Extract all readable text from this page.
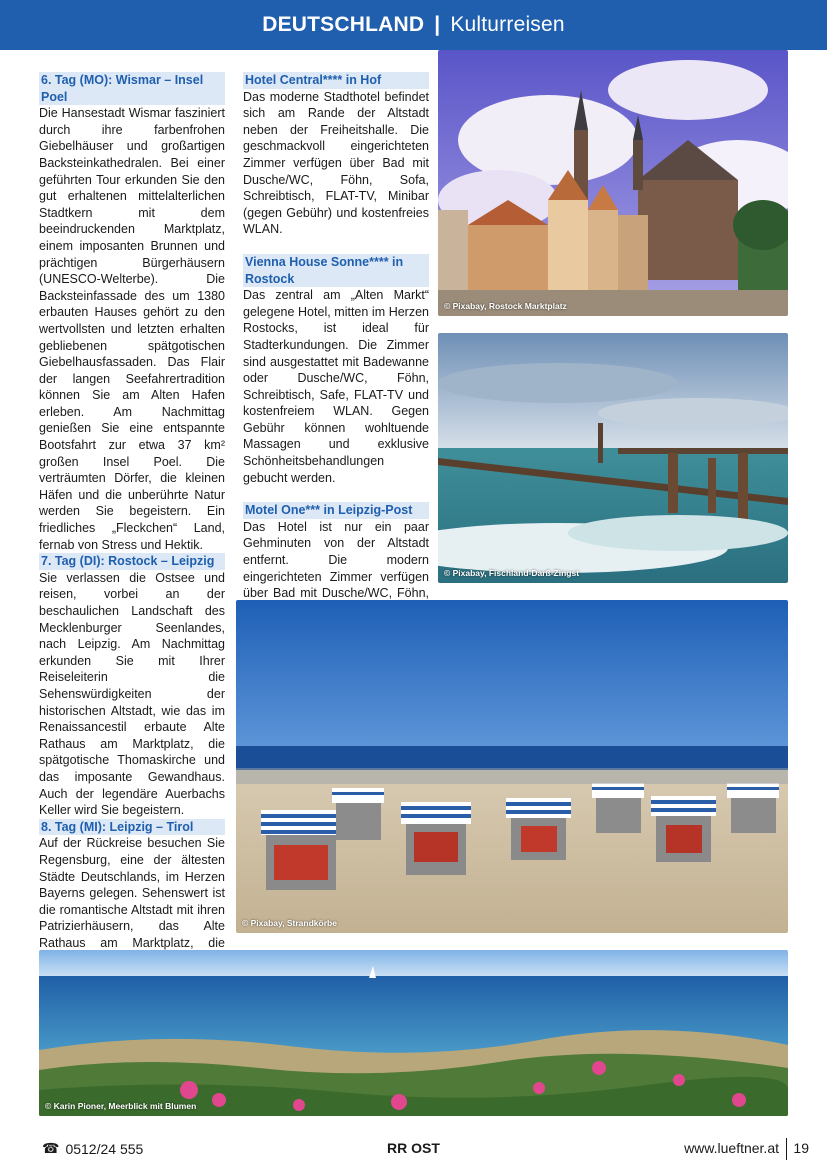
DEUTSCHLAND | Kulturreisen
6. Tag (MO): Wismar – Insel Poel

Die Hansestadt Wismar fasziniert durch ihre farbenfrohen Giebelhäuser und großartigen Backsteinkathedralen. Bei einer geführten Tour erkunden Sie den gut erhaltenen mittelalterlichen Stadtkern mit dem beeindruckenden Marktplatz, einem imposanten Brunnen und prächtigen Bürgerhäusern (UNESCO-Welterbe). Die Backsteinfassade des um 1380 erbauten Hauses gehört zu den wertvollsten und letzten erhalten gebliebenen spätgotischen Giebelhausfassaden. Das Flair der langen Seefahrertradition können Sie am Alten Hafen erleben. Am Nachmittag genießen Sie eine entspannte Bootsfahrt zur etwa 37 km² großen Insel Poel. Die verträumten Dörfer, die kleinen Häfen und die unberührte Natur werden Sie begeistern. Ein friedliches „Fleckchen“ Land, fernab von Stress und Hektik.

7. Tag (DI): Rostock – Leipzig

Sie verlassen die Ostsee und reisen, vorbei an der beschaulichen Landschaft des Mecklenburger Seenlandes, nach Leipzig. Am Nachmittag erkunden Sie mit Ihrer Reiseleiterin die Sehenswürdigkeiten der historischen Altstadt, wie das im Renaissancestil erbaute Alte Rathaus am Marktplatz, die spätgotische Thomaskirche und das imposante Gewandhaus. Auch der legendäre Auerbachs Keller wird Sie begeistern.

8. Tag (MI): Leipzig – Tirol

Auf der Rückreise besuchen Sie Regensburg, eine der ältesten Städte Deutschlands, im Herzen Bayerns gelegen. Sehenswert ist die romantische Altstadt mit ihren Patrizierhäusern, das Alte Rathaus am Marktplatz, die

Hotel Central**** in Hof

Das moderne Stadthotel befindet sich am Rande der Altstadt neben der Freiheitshalle. Die geschmackvoll eingerichteten Zimmer verfügen über Bad mit Dusche/WC, Föhn, Sofa, Schreibtisch, FLAT-TV, Minibar (gegen Gebühr) und kostenfreies WLAN.

Vienna House Sonne**** in Rostock

Das zentral am „Alten Markt“ gelegene Hotel, mitten im Herzen Rostocks, ist ideal für Stadterkundungen. Die Zimmer sind ausgestattet mit Badewanne oder Dusche/WC, Föhn, Schreibtisch, Safe, FLAT-TV und kostenfreiem WLAN. Gegen Gebühr können wohltuende Massagen und exklusive Schönheitsbehandlungen gebucht werden.

Motel One*** in Leipzig-Post

Das Hotel ist nur ein paar Gehminuten von der Altstadt entfernt. Die modern eingerichteten Zimmer verfügen über Bad mit Dusche/WC, Föhn,

© Pixabay, Rostock Marktplatz
© Pixabay, Fischland-Darß-Zingst
© Pixabay, Strandkörbe
© Karin Pioner, Meerblick mit Blumen
☎ 0512/24 555	RR OST	www.lueftner.at 19
